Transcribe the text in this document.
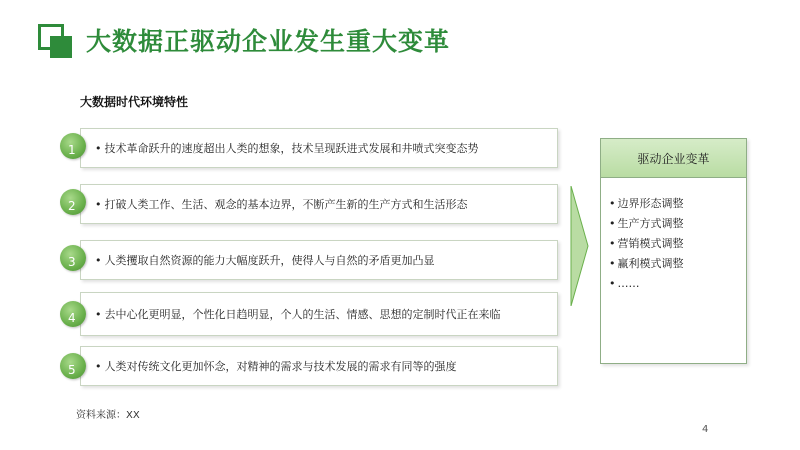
大数据正驱动企业发生重大变革
大数据时代环境特性
• 技术革命跃升的速度超出人类的想象，技术呈现跃进式发展和井喷式突变态势
1
• 打破人类工作、生活、观念的基本边界，不断产生新的生产方式和生活形态
2
• 人类攫取自然资源的能力大幅度跃升，使得人与自然的矛盾更加凸显
3
• 去中心化更明显，个性化日趋明显，个人的生活、情感、思想的定制时代正在来临
4
• 人类对传统文化更加怀念，对精神的需求与技术发展的需求有同等的强度
5
驱动企业变革
• 边界形态调整
• 生产方式调整
• 营销模式调整
• 赢利模式调整
• ……
资料来源：XX
4
